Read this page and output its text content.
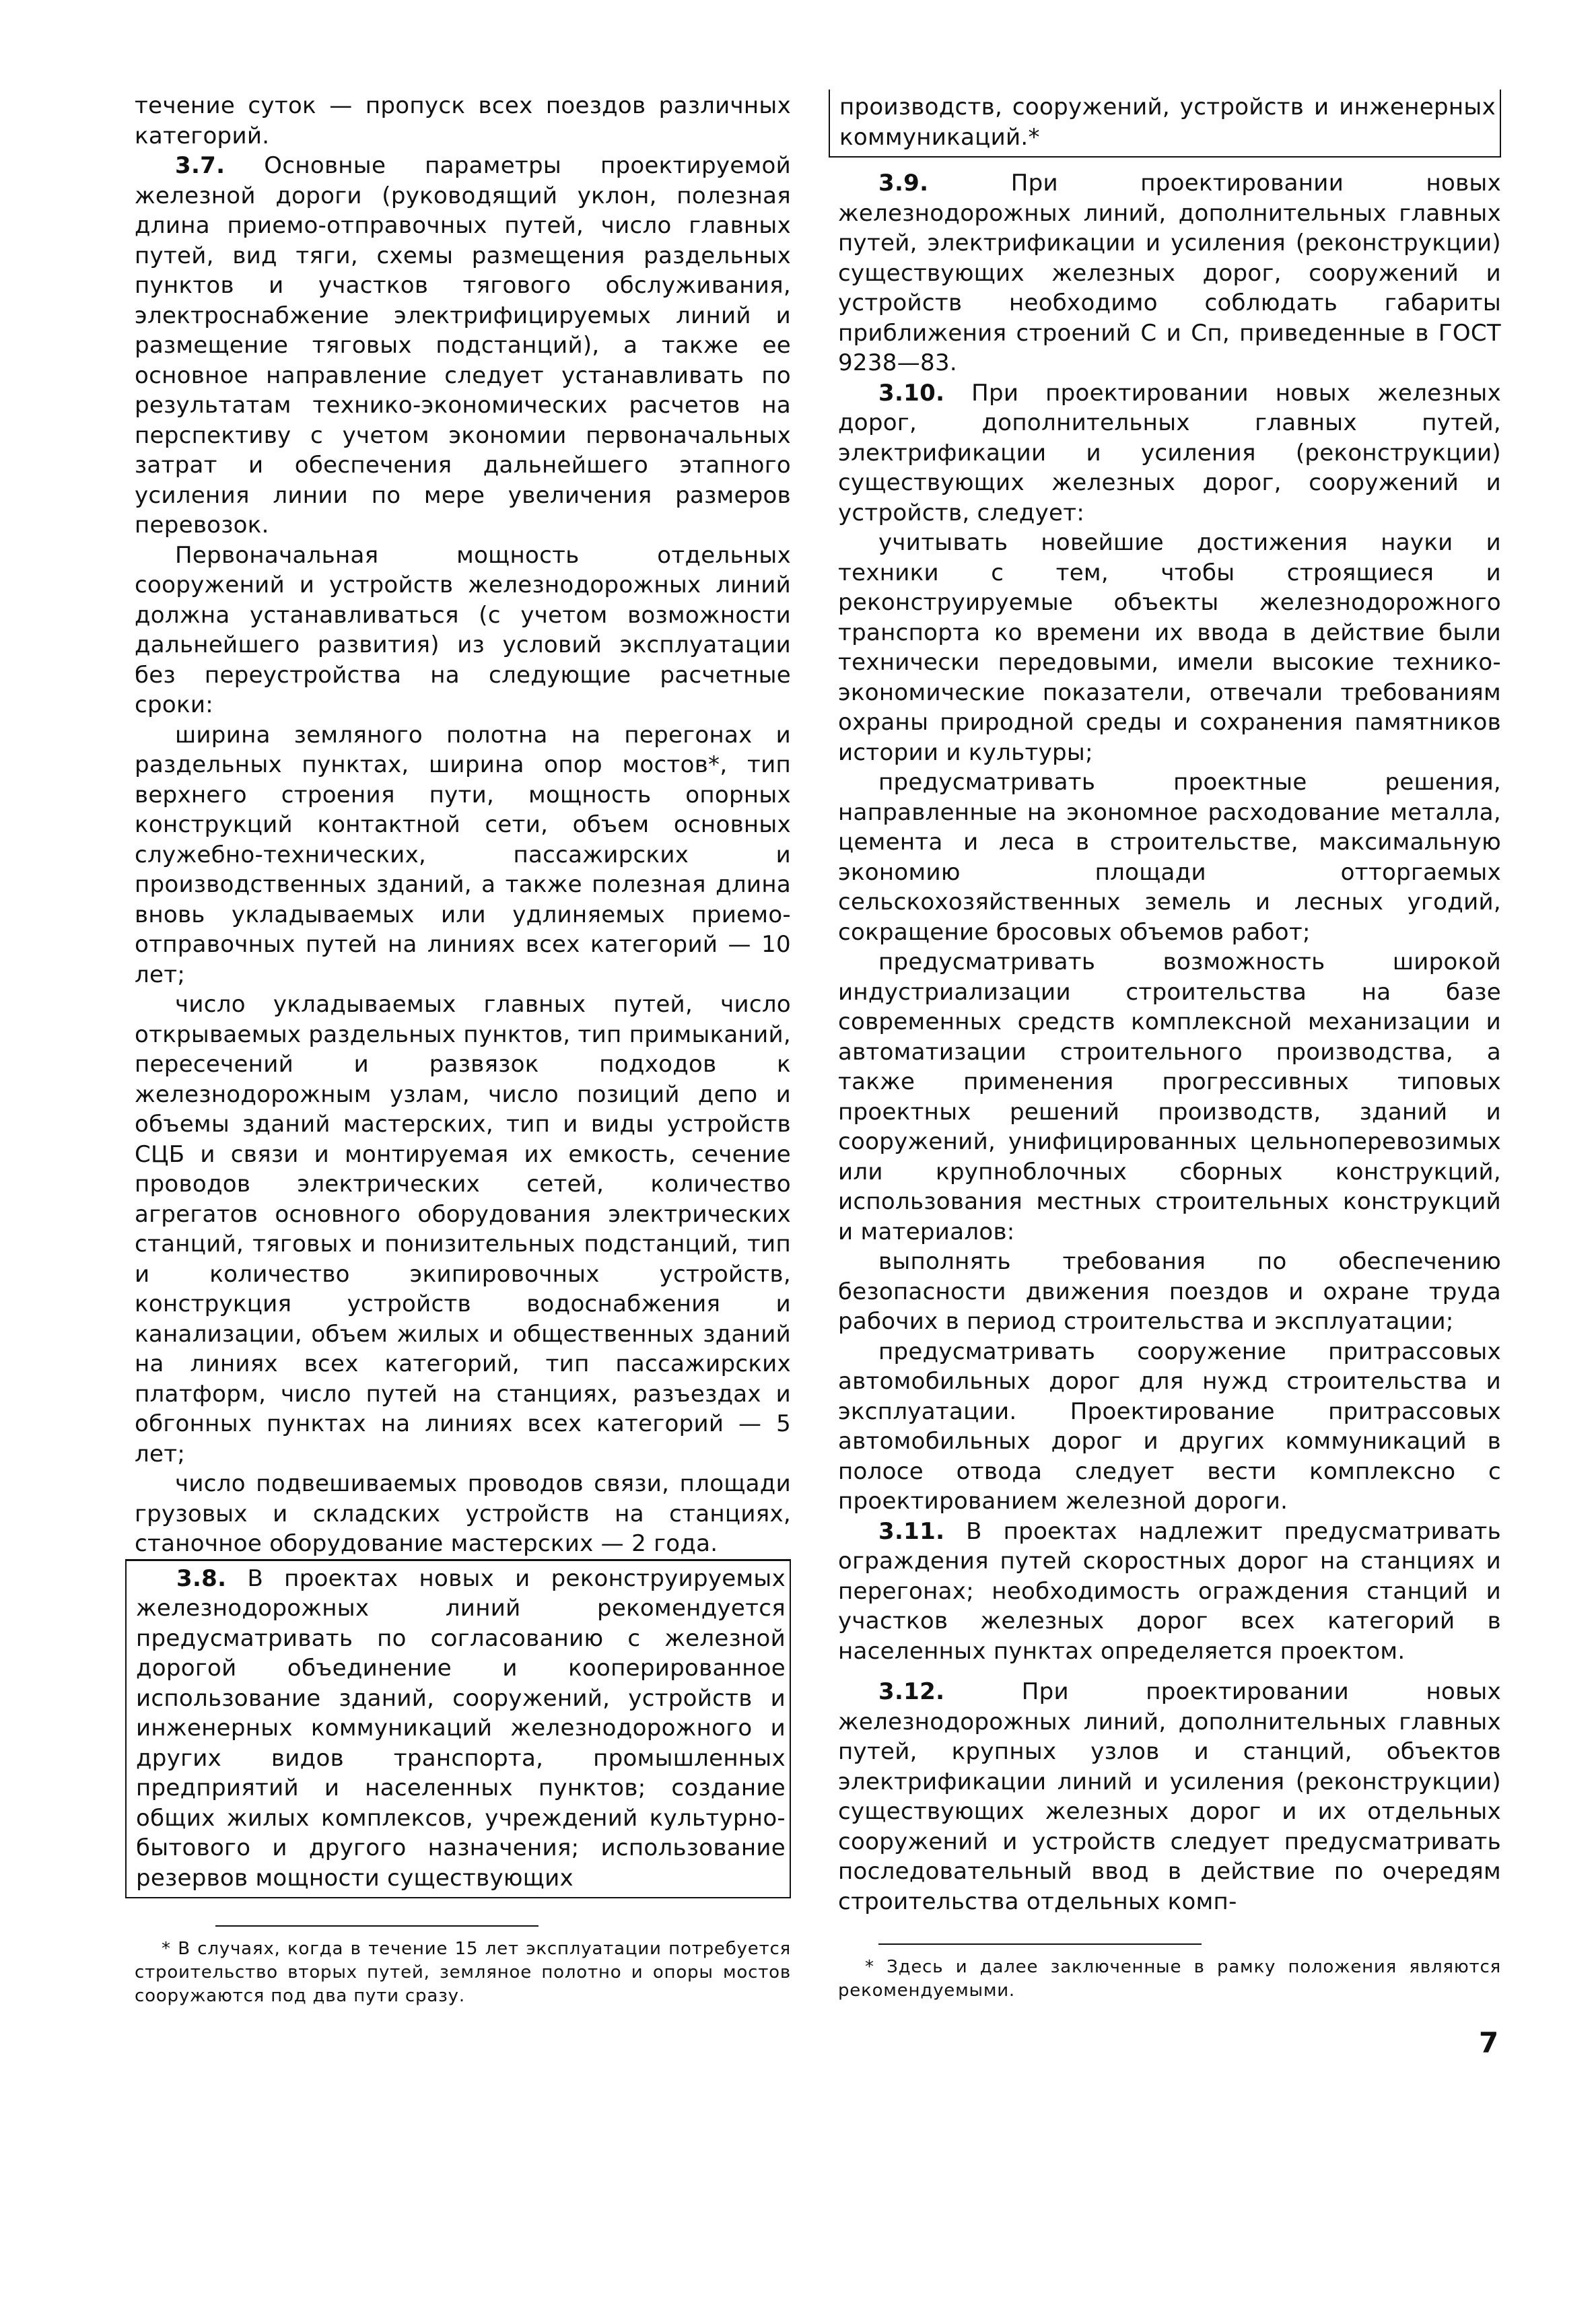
течение суток — пропуск всех поездов различных категорий.

3.7. Основные параметры проектируемой железной дороги (руководящий уклон, полезная длина приемо-отправочных путей, число главных путей, вид тяги, схемы размещения раздельных пунктов и участков тягового обслуживания, электроснабжение электрифицируемых линий и размещение тяговых подстанций), а также ее основное направление следует устанавливать по результатам технико-экономических расчетов на перспективу с учетом экономии первоначальных затрат и обеспечения дальнейшего этапного усиления линии по мере увеличения размеров перевозок.

Первоначальная мощность отдельных сооружений и устройств железнодорожных линий должна устанавливаться (с учетом возможности дальнейшего развития) из условий эксплуатации без переустройства на следующие расчетные сроки:

ширина земляного полотна на перегонах и раздельных пунктах, ширина опор мостов*, тип верхнего строения пути, мощность опорных конструкций контактной сети, объем основных служебно-технических, пассажирских и производственных зданий, а также полезная длина вновь укладываемых или удлиняемых приемо-отправочных путей на линиях всех категорий — 10 лет;

число укладываемых главных путей, число открываемых раздельных пунктов, тип примыканий, пересечений и развязок подходов к железнодорожным узлам, число позиций депо и объемы зданий мастерских, тип и виды устройств СЦБ и связи и монтируемая их емкость, сечение проводов электрических сетей, количество агрегатов основного оборудования электрических станций, тяговых и понизительных подстанций, тип и количество экипировочных устройств, конструкция устройств водоснабжения и канализации, объем жилых и общественных зданий на линиях всех категорий, тип пассажирских платформ, число путей на станциях, разъездах и обгонных пунктах на линиях всех категорий — 5 лет;

число подвешиваемых проводов связи, площади грузовых и складских устройств на станциях, станочное оборудование мастерских — 2 года.

3.8. В проектах новых и реконструируемых железнодорожных линий рекомендуется предусматривать по согласованию с железной дорогой объединение и кооперированное использование зданий, сооружений, устройств и инженерных коммуникаций железнодорожного и других видов транспорта, промышленных предприятий и населенных пунктов; создание общих жилых комплексов, учреждений культурно-бытового и другого назначения; использование резервов мощности существующих

* В случаях, когда в течение 15 лет эксплуатации потребуется строительство вторых путей, земляное полотно и опоры мостов сооружаются под два пути сразу.

производств, сооружений, устройств и инженерных коммуникаций.*

3.9. При проектировании новых железнодорожных линий, дополнительных главных путей, электрификации и усиления (реконструкции) существующих железных дорог, сооружений и устройств необходимо соблюдать габариты приближения строений С и Сп, приведенные в ГОСТ 9238—83.

3.10. При проектировании новых железных дорог, дополнительных главных путей, электрификации и усиления (реконструкции) существующих железных дорог, сооружений и устройств, следует:

учитывать новейшие достижения науки и техники с тем, чтобы строящиеся и реконструируемые объекты железнодорожного транспорта ко времени их ввода в действие были технически передовыми, имели высокие технико-экономические показатели, отвечали требованиям охраны природной среды и сохранения памятников истории и культуры;

предусматривать проектные решения, направленные на экономное расходование металла, цемента и леса в строительстве, максимальную экономию площади отторгаемых сельскохозяйственных земель и лесных угодий, сокращение бросовых объемов работ;

предусматривать возможность широкой индустриализации строительства на базе современных средств комплексной механизации и автоматизации строительного производства, а также применения прогрессивных типовых проектных решений производств, зданий и сооружений, унифицированных цельноперевозимых или крупноблочных сборных конструкций, использования местных строительных конструкций и материалов:

выполнять требования по обеспечению безопасности движения поездов и охране труда рабочих в период строительства и эксплуатации;

предусматривать сооружение притрассовых автомобильных дорог для нужд строительства и эксплуатации. Проектирование притрассовых автомобильных дорог и других коммуникаций в полосе отвода следует вести комплексно с проектированием железной дороги.

3.11. В проектах надлежит предусматривать ограждения путей скоростных дорог на станциях и перегонах; необходимость ограждения станций и участков железных дорог всех категорий в населенных пунктах определяется проектом.

3.12. При проектировании новых железнодорожных линий, дополнительных главных путей, крупных узлов и станций, объектов электрификации линий и усиления (реконструкции) существующих железных дорог и их отдельных сооружений и устройств следует предусматривать последовательный ввод в действие по очередям строительства отдельных комп-

* Здесь и далее заключенные в рамку положения являются рекомендуемыми.

7
